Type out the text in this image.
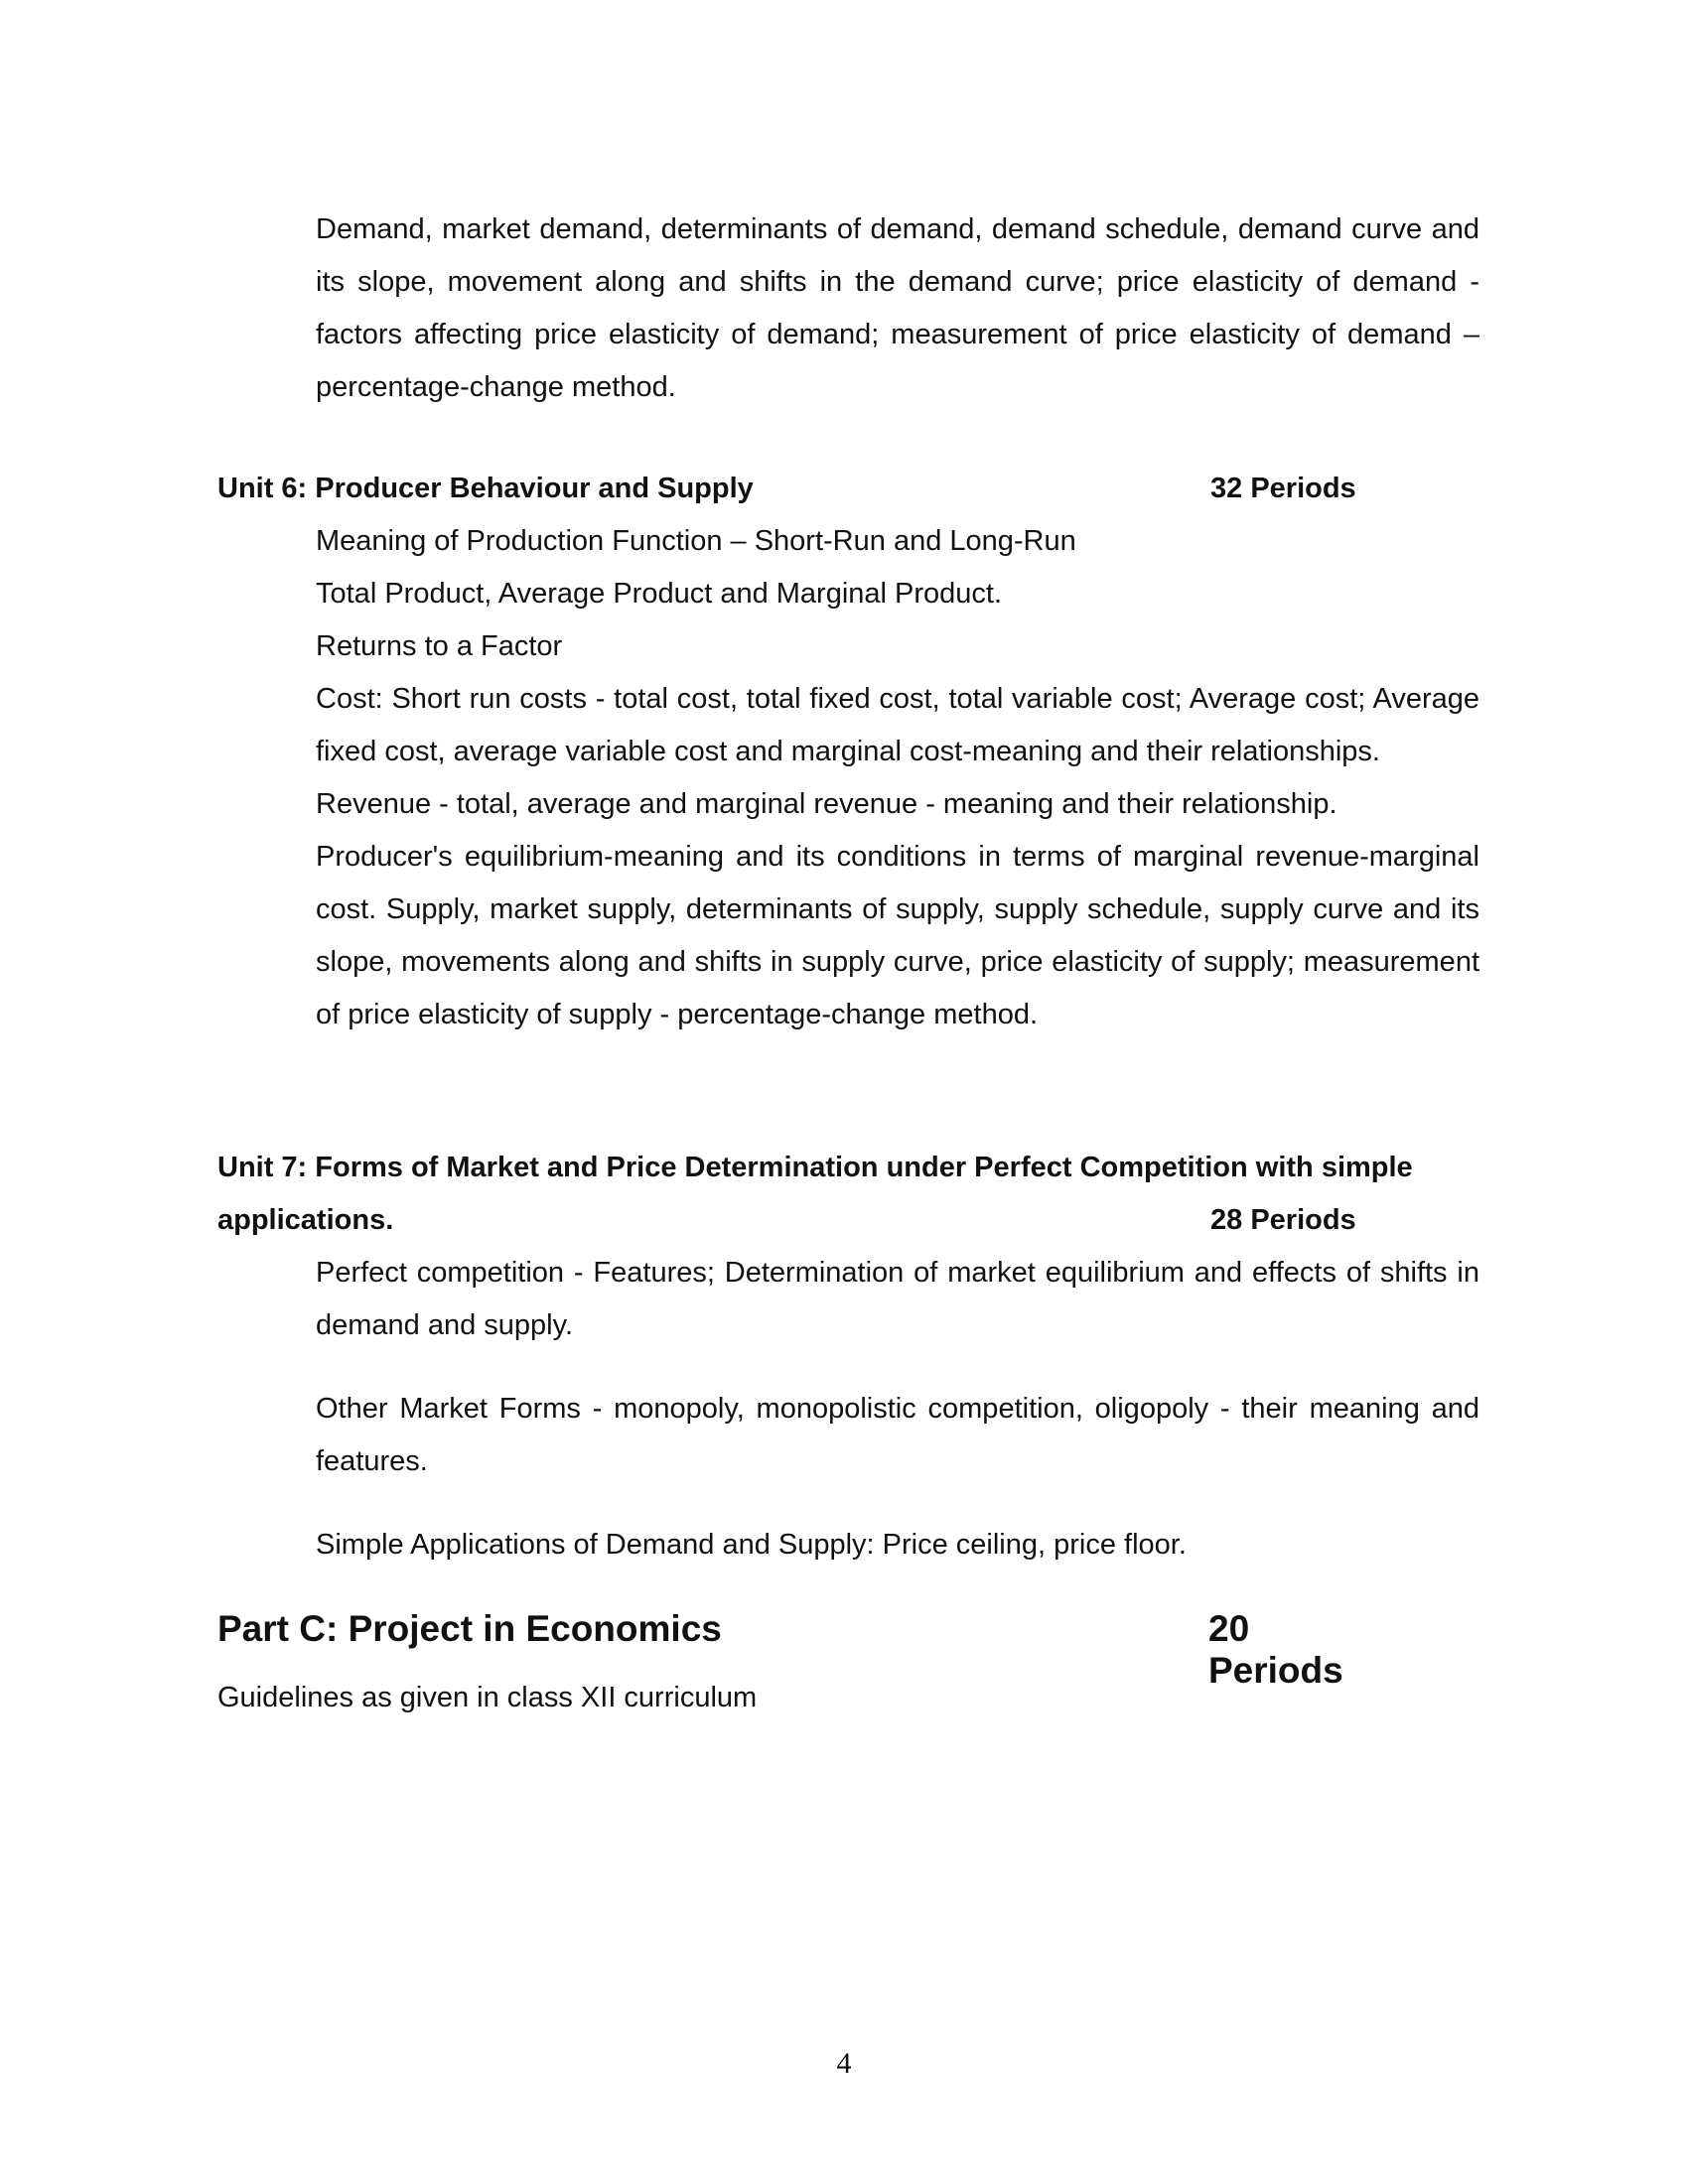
Demand, market demand, determinants of demand, demand schedule, demand curve and its slope, movement along and shifts in the demand curve; price elasticity of demand - factors affecting price elasticity of demand; measurement of price elasticity of demand – percentage-change method.

Unit 6: Producer Behaviour and Supply	32 Periods

Meaning of Production Function – Short-Run and Long-Run

Total Product, Average Product and Marginal Product.

Returns to a Factor

Cost: Short run costs - total cost, total fixed cost, total variable cost; Average cost; Average fixed cost, average variable cost and marginal cost-meaning and their relationships.

Revenue - total, average and marginal revenue - meaning and their relationship.

Producer's equilibrium-meaning and its conditions in terms of marginal revenue-marginal cost. Supply, market supply, determinants of supply, supply schedule, supply curve and its slope, movements along and shifts in supply curve, price elasticity of supply; measurement of price elasticity of supply - percentage-change method.

Unit 7: Forms of Market and Price Determination under Perfect Competition with simple
applications.	28 Periods

Perfect competition - Features; Determination of market equilibrium and effects of shifts in demand and supply.

Other Market Forms - monopoly, monopolistic competition, oligopoly - their meaning and features.

Simple Applications of Demand and Supply: Price ceiling, price floor.

Part C: Project in Economics	20 Periods
Guidelines as given in class XII curriculum
4
